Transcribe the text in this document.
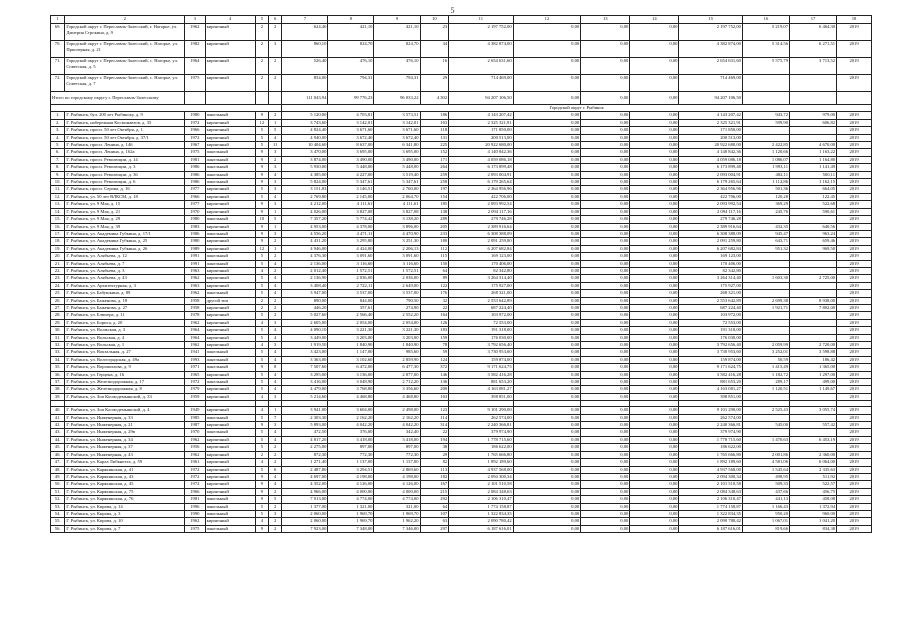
5
1	2	3	4	5	6	7	8	9	10	11	12	13	14	15	16	17	18
69.	Городской округ г. Переславль-Залесский, г. Нагорье, ул. Дмитрия Строкина, д. 9	1962	кирпичный	2	2	624,40	421,10	421,10	23	2 197 752,00	0,00	0,00	0,00	2 197 752,00	5 219,07	6 464,30	2019
70.	Городской округ г. Переславль-Залесский, с. Нагорье, ул. Приозерная, д. 21	1982	кирпичный	2	3	860,10	824,70	824,70	34	4 382 874,00	0,00	0,00	0,00	4 382 874,00	5 314,56	6 271,51	2019
71.	Городской округ г. Переславль-Залесский, с. Нагорье, ул. Советская, д. 5	1964	кирпичный	2	2	526,40	476,10	476,10	16	2 654 631,60	0,00	0,00	0,00	2 654 631,60	5 575,79	3 713,52	2019
72.	Городской округ г. Переславль-Залесский, с. Нагорье, ул. Советская, д. 7	1975	кирпичный	2	2	834,00	794,31	794,31	29	714 469,00	0,00	0,00	0,00	714 469,00			2019
Итого по городскому округу г. Переславль-Залесскому						111 043,94	99 776,23	96 033,22	4 302	94 207 106,50	0,00	0,00	0,00	94 207 106,50			
						Городской округ г. Рыбинск											
1.	Г. Рыбинск, бул. 200 лет Рыбинску, д. 9	1980	панельный	9	2	5 120,00	4 703,81	3 573,51	186	4 143 207,42	0,00	0,00	0,00	4 143 207,42	943,72	979,00	2019
2.	Г. Рыбинск, набережная Космонавтов, д. 35	1972	кирпичный	12	1	3 743,60	3 142,01	3 142,01	163	2 325 321,91	0,00	0,00	0,00	2 325 321,91	599,90	606,82	2019
3.	Г. Рыбинск, просп. 50 лет Октября, д. 1	1966	кирпичный	5	5	4 824,40	3 671,60	3 671,60	118	171 850,00	0,00	0,00	0,00	171 850,00			2019
4.	Г. Рыбинск, просп. 50 лет Октября, д. 37/1	1972	кирпичный	5	4	4 940,00	3 672,40	3 672,40	131	200 513,00	0,00	0,00	0,00	200 513,00			2019
5.	Г. Рыбинск, просп. Ленина, д. 146	1967	кирпичный	5	11	10 404,60	8 637,00	6 341,80	225	20 922 680,00	0,00	0,00	0,00	20 922 680,00	2 422,85	4 670,00	2019
6.	Г. Рыбинск, просп. Ленина, д. 162а	1975	панельный	9	3	3 470,00	3 695,00	3 695,00	152	4 140 842,36	0,00	0,00	0,00	4 140 842,36	1 120,66	1 163,22	2019
7.	Г. Рыбинск, просп. Революции, д. 14	1981	панельный	9	2	3 874,00	3 490,00	3 490,00	171	4 059 086,18	0,00	0,00	0,00	4 059 086,18	1 086,07	1 164,80	2019
8.	Г. Рыбинск, просп. Революции, д. 3	1986	панельный	9	3	5 930,00	5 448,00	5 448,00	264	6 173 899,48	0,00	0,00	0,00	6 173 899,48	1 993,11	1 141,49	2019
9.	Г. Рыбинск, просп. Революции, д. 36	1986	панельный	9	4	4 385,00	4 227,00	3 519,40	259	2 093 004,91	0,00	0,00	0,00	2 093 004,91	482,11	500,11	2019
10.	Г. Рыбинск, просп. Революции, д. 6	1986	панельный	9	3	5 824,00	5 347,61	5 347,61	258	6 179 265,64	0,00	0,00	0,00	6 179 265,64	1 112,86	1 162,15	2019
11.	Г. Рыбинск, просп. Серова, д. 16	1977	кирпичный	5	3	3 151,83	3 146,51	2 760,00	197	2 364 956,96	0,00	0,00	0,00	2 364 956,96	501,36	664,05	2019
12.	Г. Рыбинск, ул. 50 лет ВЛКСМ, д. 18	1966	кирпичный	5	4	2 769,80	2 145,00	2 064,70	154	422 706,00	0,00	0,00	0,00	422 706,00	120,28	122,45	2019
13.	Г. Рыбинск, ул. 9 Мая, д. 15	1977	кирпичный	9	3	4 212,00	4 111,61	4 111,61	185	2 093 992,54	0,00	0,00	0,00	2 093 992,54	369,29	522,68	2019
14.	Г. Рыбинск, ул. 9 Мая, д. 21	1970	кирпичный	9	1	4 026,00	3 827,08	3 827,08	138	2 094 117,16	0,00	0,00	0,00	2 094 117,16	245,76	590,61	2019
15.	Г. Рыбинск, ул. 9 Мая, д. 29	1980	панельный	10	5	7 357,20	5 774,42	3 138,20	289	279 746,28	0,00	0,00	0,00	279 746,28			2019
16.	Г. Рыбинск, ул. 9 Мая, д. 39	1983	кирпичный	9	1	4 953,00	4 378,00	3 896,00	205	2 389 916,64	0,00	0,00	0,00	2 389 916,64	432,35	640,56	2019
17.	Г. Рыбинск, ул. Академика Губкина, д. 17/1	1986	панельный	9	3	4 556,20	4 471,11	4 470,90	233	6 308 388,09	0,00	0,00	0,00	6 308 388,09	945,47	963,24	2019
18.	Г. Рыбинск, ул. Академика Губкина, д. 25	1980	кирпичный	9	2	4 431,20	3 295,80	3 251,30	180	2 091 259,80	0,00	0,00	0,00	2 091 259,80	643,71	659,46	2019
19.	Г. Рыбинск, ул. Академика Губкина, д. 26	1989	кирпичный	12	1	4 946,00	4 424,00	2 206,13	112	6 207 682,84	0,00	0,00	0,00	6 207 682,84	951,32	969,50	2019
20.	Г. Рыбинск, ул. Алябьева, д. 12	1991	панельный	5	2	4 376,30	3 091,60	3 091,60	115	169 123,00	0,00	0,00	0,00	169 123,00			2019
21.	Г. Рыбинск, ул. Алябьева, д. 7	1991	панельный	5	4	2 136,00	3 116,60	3 116,60	150	170 406,00	0,00	0,00	0,00	170 406,00			2019
22.	Г. Рыбинск, ул. Алябьева, д. 3	1963	кирпичный	4	2	2 012,40	1 572,51	1 572,51	64	82 342,80	0,00	0,00	0,00	82 342,80			2019
23.	Г. Рыбинск, ул. Алябьева, д. 43	1962	кирпичный	5	4	2 136,90	2 036,00	2 036,00	89	3 264 314,40	0,00	0,00	0,00	3 264 314,40	1 603,30	2 725,00	2019
24.	Г. Рыбинск, ул. Архитектурная, д. 3	1963	кирпичный	5	4	3 408,40	2 722,11	2 649,00	122	175 927,00	0,00	0,00	0,00	175 927,00			2019
25.	Г. Рыбинск, ул. Бабушкина, д. 89	1962	панельный	5	4	3 947,00	3 537,00	3 537,00	176	268 321,00	0,00	0,00	0,00	268 321,00			2019
26.	Г. Рыбинск, ул. Баженова, д. 18	1958	другой тип	2	2	890,00	844,00	790,50	32	2 553 642,89	0,00	0,00	0,00	2 553 642,89	2 699,38	8 938,00	2019
27.	Г. Рыбинск, ул. Баженова, д. 27	1958	кирпичный	2	2	446,20	357,61	274,90	22	687 224,40	0,00	0,00	0,00	687 224,40	1 921,71	7 802,00	2019
28.	Г. Рыбинск, ул. Блюхера, д. 11	1978	кирпичный	5	2	5 027,60	2 566,40	2 552,20	164	103 972,00	0,00	0,00	0,00	103 972,00			2019
29.	Г. Рыбинск, ул. Бориса, д. 20	1962	кирпичный	4	3	2 605,00	2 054,00	2 054,00	126	72 553,00	0,00	0,00	0,00	72 553,00			2019
30.	Г. Рыбинск, ул. Волжская, д. 3	1964	кирпичный	5	4	4 090,10	3 221,30	3 221,30	183	191 318,00	0,00	0,00	0,00	191 318,00			2019
31.	Г. Рыбинск, ул. Вольская, д. 4	1964	кирпичный	5	4	3 449,00	3 203,00	3 203,00	159	176 030,00	0,00	0,00	0,00	176 030,00			2019
32.	Г. Рыбинск, ул. Вольская, д. 1	1962	кирпичный	4	3	1 919,50	1 840,90	1 840,90	78	3 792 656,40	0,00	0,00	0,00	3 792 656,40	2 059,99	2 720,00	2019
33.	Г. Рыбинск, ул. Вокзальная, д. 27	1941	панельный	5	4	3 423,00	1 147,00	985,60	59	3 730 953,60	0,00	0,00	0,00	3 730 953,60	3 252,01	3 598,88	2019
34.	Г. Рыбинск, ул. Волгоградская, д. 49а	1993	панельный	5	4	3 363,00	3 102,60	2 859,90	124	159 874,00	0,00	0,00	0,00	159 874,00	50,59	186,42	2019
35.	Г. Рыбинск, ул. Ворошилова, д. 9	1971	панельный	9	8	7 507,60	6 472,00	6 477,30	372	9 171 624,75	0,00	0,00	0,00	9 171 624,75	1 415,49	1 365,00	2019
36.	Г. Рыбинск, ул. Герцена, д. 16	1965	кирпичный	5	4	3 295,00	3 136,00	2 877,00	146	3 582 416,28	0,00	0,00	0,00	3 582 416,28	1 182,72	1 297,00	2019
37.	Г. Рыбинск, ул. Железнодорожная, д. 17	1972	панельный	5	4	3 416,00	3 048,90	2 712,20	136	881 653,20	0,00	0,00	0,00	881 653,20	289,17	499,00	2019
38.	Г. Рыбинск, ул. Железнодорожная, д. 8	1979	кирпичный	5	4	4 479,00	3 768,80	3 356,60	200	4 163 081,27	0,00	0,00	0,00	4 163 081,27	1 120,51	1 149,67	2019
39.	Г. Рыбинск, ул. Зои Космодемьянской, д. 33	1959	кирпичный	4	3	5 214,60	4 468,80	4 468,80	163	398 851,00	0,00	0,00	0,00	398 851,00			2019

40.	Г. Рыбинск, ул. Зои Космодемьянской, д. 4	1949	кирпичный	4	1	3 941,00	3 604,00	2 498,00	123	9 101 290,00	0,00	0,00	0,00	9 101 290,00	2 525,43	3 055,74	2019
41.	Г. Рыбинск, ул. Инженерная, д. 33	1985	панельный	5	7	2 303,30	2 162,20	2 162,20	114	262 574,00	0,00	0,00	0,00	262 574,00			2019
42.	Г. Рыбинск, ул. Инженерная, д. 21	1987	кирпичный	9	3	5 893,00	4 042,20	4 042,20	314	2 240 366,81	0,00	0,00	0,00	2 240 366,81	545,00	557,42	2019
43.	Г. Рыбинск, ул. Инженерная, д. 29в	1970	панельный	5	4	472,50	376,00	342,40	22	379 974,90	0,00	0,00	0,00	379 974,90			2019
44.	Г. Рыбинск, ул. Инженерная, д. 34	1962	кирпичный	5	4	4 817,20	3 418,00	3 418,00	194	1 778 715,60	0,00	0,00	0,00	1 778 715,60	1 470,63	6 453,19	2019
45.	Г. Рыбинск, ул. Инженерная, д. 37	1956	кирпичный	5	2	2 275,00	897,00	897,00	38	186 622,00	0,00	0,00	0,00	186 622,00			2019
46.	Г. Рыбинск, ул. Инженерная, д. 43	1962	кирпичный	2	2	872,30	772,30	772,30	29	1 765 666,80	0,00	0,00	0,00	1 765 666,80	2 001,86	2 360,00	2019
47.	Г. Рыбинск, ул. Карла Либкнехта, д. 59	1961	кирпичный	4	2	1 271,40	1 137,00	1 137,00	82	1 892 189,60	0,00	0,00	0,00	1 892 189,60	4 581,06	6 064,00	2019
48.	Г. Рыбинск, ул. Карякинская, д. 41	1972	кирпичный	5	6	2 487,80	3 294,51	2 869,60	113	4 937 568,00	0,00	0,00	0,00	4 937 568,00	1 545,64	2 335,63	2019
49.	Г. Рыбинск, ул. Карякинская, д. 43	1972	кирпичный	9	4	4 697,00	4 198,00	4 198,00	182	2 094 300,34	0,00	0,00	0,00	2 094 300,34	498,95	511,92	2019
50.	Г. Рыбинск, ул. Карякинская, д. 45	1972	кирпичный	9	4	4 352,00	4 126,00	4 126,00	167	2 101 510,58	0,00	0,00	0,00	2 101 510,58	509,33	522,57	2019
51.	Г. Рыбинск, ул. Карякинская, д. 75	1966	кирпичный	9	2	4 966,00	4 000,00	4 000,00	215	2 084 348,63	0,00	0,00	0,00	2 084 348,63	437,66	456,75	2019
52.	Г. Рыбинск, ул. Карякинская, д. 76	1981	панельный	9	5	7 013,00	4 774,00	4 774,00	292	2 106 310,47	0,00	0,00	0,00	2 106 310,47	441,13	458,08	2019
53.	Г. Рыбинск, ул. Кирова, д. 14	1996	панельный	5	2	1 377,00	1 321,00	321,00	64	1 774 158,87	0,00	0,00	0,00	1 774 158,87	1 166,43	1 372,94	2019
54.	Г. Рыбинск, ул. Кирова, д. 3	1990	панельный	5	3	2 060,00	1 969,70	1 969,70	107	1 322 834,35	0,00	0,00	0,00	1 322 834,35	950,20	960,00	2019
55.	Г. Рыбинск, ул. Кирова, д. 10	1962	кирпичный	4	2	2 060,00	1 969,70	1 962,20	63	2 090 780,42	0,00	0,00	0,00	2 090 780,42	1 067,01	1 041,20	2019
56.	Г. Рыбинск, ул. Кирова, д. 7	1975	панельный	9	2	7 923,00	7 348,00	7 346,00	297	6 187 616,01	0,00	0,00	0,00	6 187 616,01	819,66	834,38	2019
